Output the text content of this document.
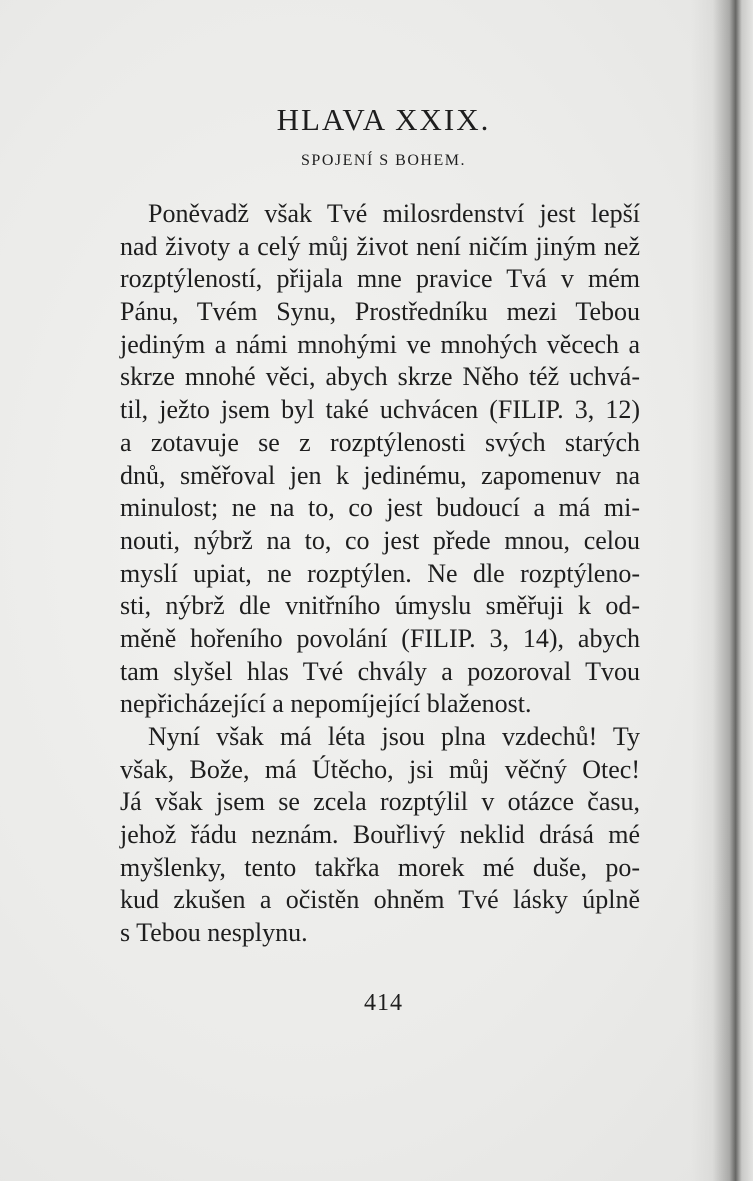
HLAVA XXIX.
SPOJENÍ S BOHEM.
Poněvadž však Tvé milosrdenství jest lepší
nad životy a celý můj život není ničím jiným než
rozptýleností, přijala mne pravice Tvá v mém
Pánu, Tvém Synu, Prostředníku mezi Tebou
jediným a námi mnohými ve mnohých věcech a
skrze mnohé věci, abych skrze Něho též uchvá-
til, ježto jsem byl také uchvácen (FILIP. 3, 12)
a zotavuje se z rozptýlenosti svých starých
dnů, směřoval jen k jedinému, zapomenuv na
minulost; ne na to, co jest budoucí a má mi-
nouti, nýbrž na to, co jest přede mnou, celou
myslí upiat, ne rozptýlen. Ne dle rozptýleno-
sti, nýbrž dle vnitřního úmyslu směřuji k od-
měně hořeního povolání (FILIP. 3, 14), abych
tam slyšel hlas Tvé chvály a pozoroval Tvou
nepřicházející a nepomíjející blaženost.
Nyní však má léta jsou plna vzdechů! Ty
však, Bože, má Útěcho, jsi můj věčný Otec!
Já však jsem se zcela rozptýlil v otázce času,
jehož řádu neznám. Bouřlivý neklid drásá mé
myšlenky, tento takřka morek mé duše, po-
kud zkušen a očistěn ohněm Tvé lásky úplně
s Tebou nesplynu.
414
